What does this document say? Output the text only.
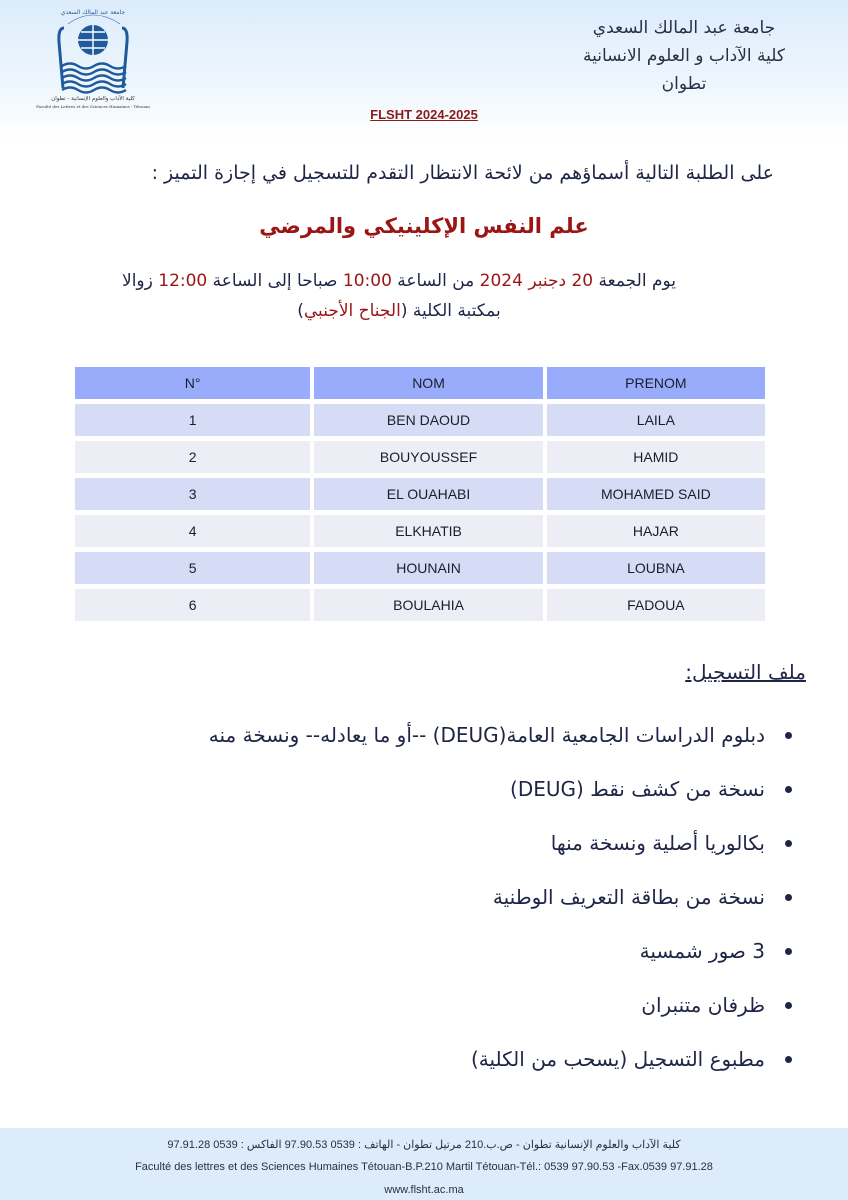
جامعة عبد المالك السعدي
كلية الآداب والعلوم الإنسانية - تطوان
Faculté des Lettres et des Sciences Humaines - Tétouan
جامعة عبد المالك السعدي
كلية الآداب و العلوم الانسانية
تطوان
FLSHT 2024-2025
على الطلبة التالية أسماؤهم من لائحة الانتظار التقدم للتسجيل في إجازة التميز :
علم النفس الإكلينيكي والمرضي
يوم الجمعة 20 دجنبر 2024 من الساعة 10:00 صباحا إلى الساعة 12:00 زوالا
بمكتبة الكلية (الجناح الأجنبي)
N°	NOM	PRENOM
1	BEN DAOUD	LAILA
2	BOUYOUSSEF	HAMID
3	EL OUAHABI	MOHAMED SAID
4	ELKHATIB	HAJAR
5	HOUNAIN	LOUBNA
6	BOULAHIA	FADOUA
ملف التسجيل:
دبلوم الدراسات الجامعية العامة(DEUG) --أو ما يعادله-- ونسخة منه
نسخة من كشف نقط (DEUG)
بكالوريا أصلية ونسخة منها
نسخة من بطاقة التعريف الوطنية
3 صور شمسية
ظرفان متنبران
مطبوع التسجيل (يسحب من الكلية)
كلية الآداب والعلوم الإنسانية تطوان - ص.ب.210 مرتيل تطوان - الهاتف : 0539 97.90.53 الفاكس : 0539 97.91.28
Faculté des lettres et des Sciences Humaines Tétouan-B.P.210 Martil Tétouan-Tél.: 0539 97.90.53 -Fax.0539 97.91.28
www.flsht.ac.ma
